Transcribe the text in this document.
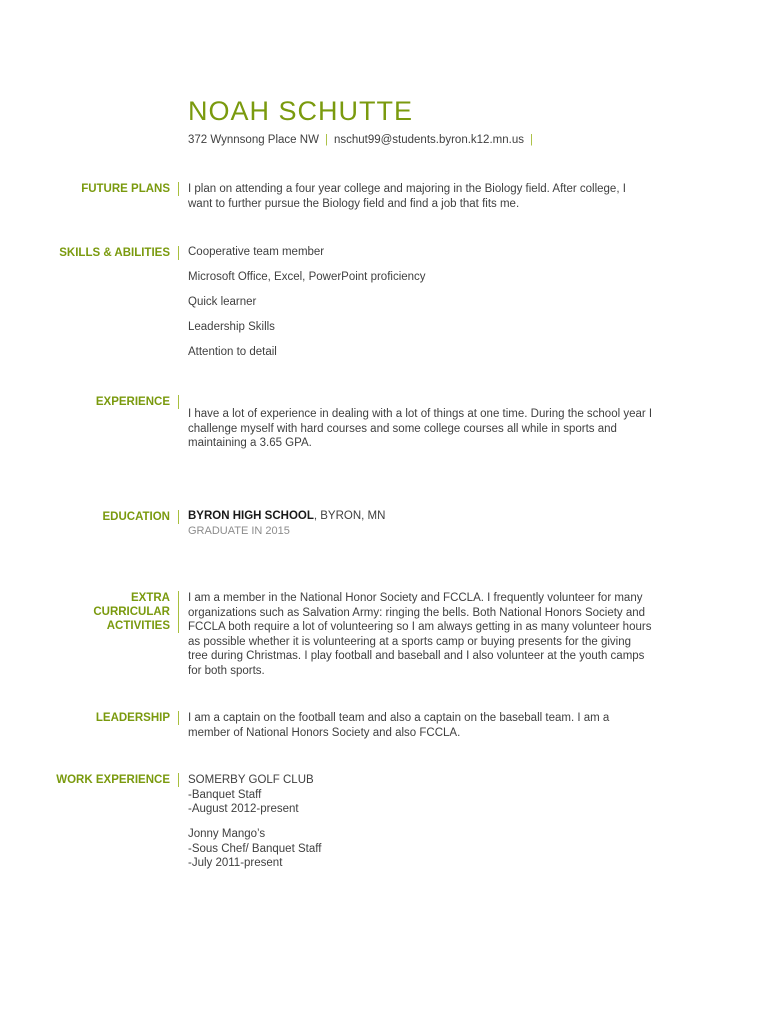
NOAH SCHUTTE
372 Wynnsong Place NW | nschut99@students.byron.k12.mn.us |
FUTURE PLANS I plan on attending a four year college and majoring in the Biology field. After college, I want to further pursue the Biology field and find a job that fits me.
SKILLS & ABILITIES Cooperative team member
Microsoft Office, Excel, PowerPoint proficiency
Quick learner
Leadership Skills
Attention to detail
EXPERIENCE
I have a lot of experience in dealing with a lot of things at one time. During the school year I challenge myself with hard courses and some college courses all while in sports and maintaining a 3.65 GPA.
EDUCATION BYRON HIGH SCHOOL, BYRON, MN
GRADUATE IN 2015
EXTRA
CURRICULAR
ACTIVITIES
I am a member in the National Honor Society and FCCLA. I frequently volunteer for many organizations such as Salvation Army: ringing the bells. Both National Honors Society and FCCLA both require a lot of volunteering so I am always getting in as many volunteer hours as possible whether it is volunteering at a sports camp or buying presents for the giving tree during Christmas. I play football and baseball and I also volunteer at the youth camps for both sports.
LEADERSHIP I am a captain on the football team and also a captain on the baseball team. I am a member of National Honors Society and also FCCLA.
WORK EXPERIENCE SOMERBY GOLF CLUB
-Banquet Staff
-August 2012-present
Jonny Mango’s
-Sous Chef/ Banquet Staff
-July 2011-present
